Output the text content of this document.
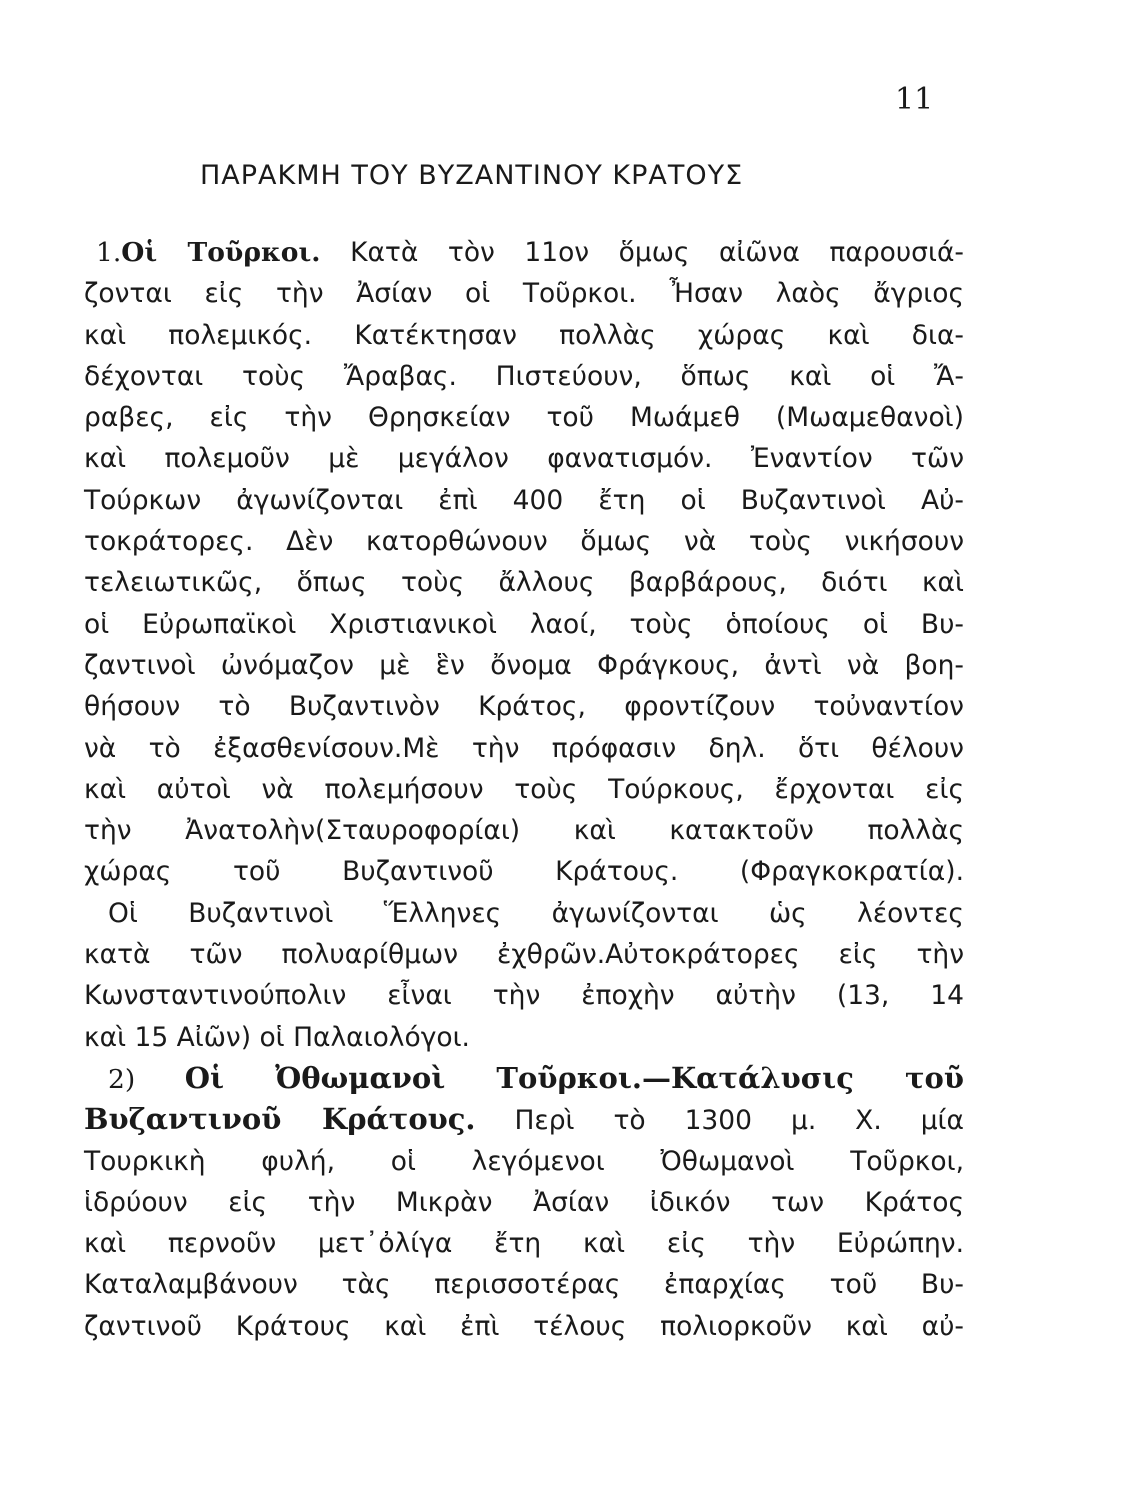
11
ΠΑΡΑΚΜΗ ΤΟΥ ΒΥΖΑΝΤΙΝΟΥ ΚΡΑΤΟΥΣ
1.Οἱ Τοῦρκοι. Κατὰ τὸν 11ον ὅμως αἰῶνα παρουσιά-
ζονται εἰς τὴν Ἀσίαν οἱ Τοῦρκοι. Ἦσαν λαὸς ἄγριος
καὶ πολεμικός. Κατέκτησαν πολλὰς χώρας καὶ δια-
δέχονται τοὺς Ἄραβας. Πιστεύουν, ὅπως καὶ οἱ Ἄ-
ραβες, εἰς τὴν Θρησκείαν τοῦ Μωάμεθ (Μωαμεθανοὶ)
καὶ πολεμοῦν μὲ μεγάλον φανατισμόν. Ἐναντίον τῶν
Τούρκων ἀγωνίζονται ἐπὶ 400 ἔτη οἱ Βυζαντινοὶ Αὐ-
τοκράτορες. Δὲν κατορθώνουν ὅμως νὰ τοὺς νικήσουν
τελειωτικῶς, ὅπως τοὺς ἄλλους βαρβάρους, διότι καὶ
οἱ Εὐρωπαϊκοὶ Χριστιανικοὶ λαοί, τοὺς ὁποίους οἱ Βυ-
ζαντινοὶ ὠνόμαζον μὲ ἓν ὄνομα Φράγκους, ἀντὶ νὰ βοη-
θήσουν τὸ Βυζαντινὸν Κράτος, φροντίζουν τοὐναντίον
νὰ τὸ ἐξασθενίσουν.Μὲ τὴν πρόφασιν δηλ. ὅτι θέλουν
καὶ αὐτοὶ νὰ πολεμήσουν τοὺς Τούρκους, ἔρχονται εἰς
τὴν Ἀνατολὴν(Σταυροφορίαι) καὶ κατακτοῦν πολλὰς
χώρας τοῦ Βυζαντινοῦ Κράτους. (Φραγκοκρατία).
Οἱ Βυζαντινοὶ Ἕλληνες ἀγωνίζονται ὡς λέοντες
κατὰ τῶν πολυαρίθμων ἐχθρῶν.Αὐτοκράτορες εἰς τὴν
Κωνσταντινούπολιν εἶναι τὴν ἐποχὴν αὐτὴν (13, 14
καὶ 15 Αἰῶν) οἱ Παλαιολόγοι.
2) Οἱ Ὀθωμανοὶ Τοῦρκοι.—Κατάλυσις τοῦ
Βυζαντινοῦ Κράτους. Περὶ τὸ 1300 μ. Χ. μία
Τουρκικὴ φυλή, οἱ λεγόμενοι Ὀθωμανοὶ Τοῦρκοι,
ἱδρύουν εἰς τὴν Μικρὰν Ἀσίαν ἰδικόν των Κράτος
καὶ περνοῦν μετ᾽ὀλίγα ἔτη καὶ εἰς τὴν Εὐρώπην.
Καταλαμβάνουν τὰς περισσοτέρας ἐπαρχίας τοῦ Βυ-
ζαντινοῦ Κράτους καὶ ἐπὶ τέλους πολιορκοῦν καὶ αὐ-
